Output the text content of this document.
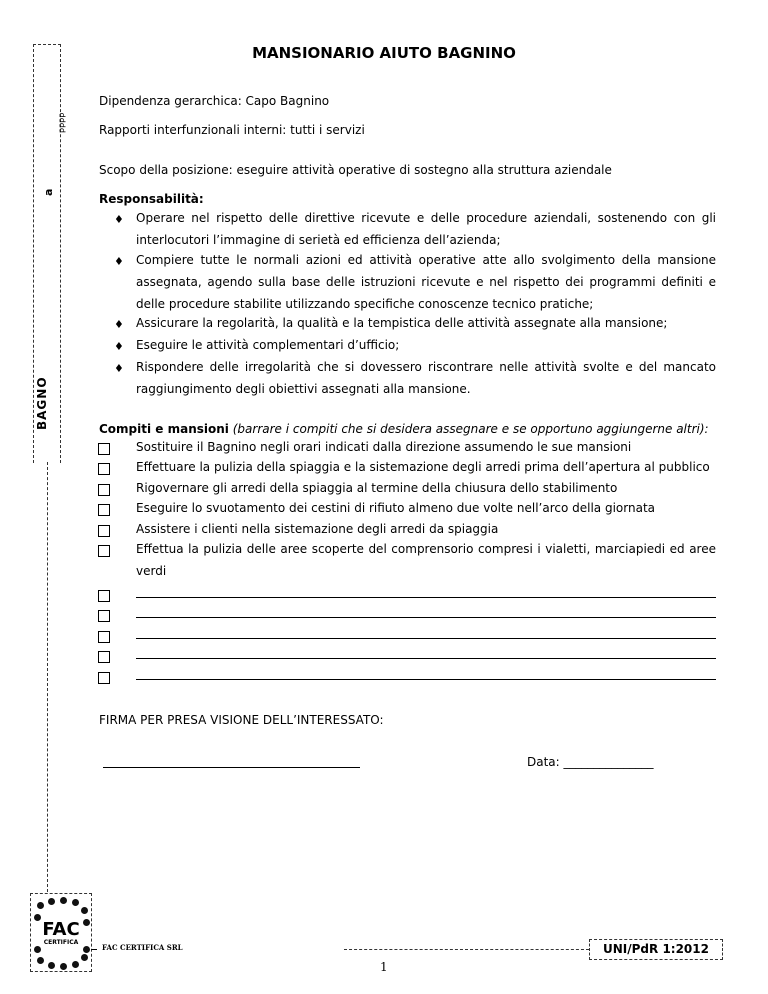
BAGNO
a
pppp
MANSIONARIO AIUTO BAGNINO
Dipendenza gerarchica: Capo Bagnino
Rapporti interfunzionali interni: tutti i servizi
Scopo della posizione: eseguire attività operative di sostegno alla struttura aziendale
Responsabilità:
♦ Operare nel rispetto delle direttive ricevute e delle procedure aziendali, sostenendo con gli interlocutori l’immagine di serietà ed efficienza dell’azienda;
♦ Compiere tutte le normali azioni ed attività operative atte allo svolgimento della mansione assegnata, agendo sulla base delle istruzioni ricevute e nel rispetto dei programmi definiti e delle procedure stabilite utilizzando specifiche conoscenze tecnico pratiche;
♦ Assicurare la regolarità, la qualità e la tempistica delle attività assegnate alla mansione;
♦ Eseguire le attività complementari d’ufficio;
♦ Rispondere delle irregolarità che si dovessero riscontrare nelle attività svolte e del mancato raggiungimento degli obiettivi assegnati alla mansione.
Compiti e mansioni (barrare i compiti che si desidera assegnare e se opportuno aggiungerne altri):
Sostituire il Bagnino negli orari indicati dalla direzione assumendo le sue mansioni
Effettuare la pulizia della spiaggia e la sistemazione degli arredi prima dell’apertura al pubblico
Rigovernare gli arredi della spiaggia al termine della chiusura dello stabilimento
Eseguire lo svuotamento dei cestini di rifiuto almeno due volte nell’arco della giornata
Assistere i clienti nella sistemazione degli arredi da spiaggia
Effettua la pulizia delle aree scoperte del comprensorio compresi i vialetti, marciapiedi ed aree verdi
FIRMA PER PRESA VISIONE DELL’INTERESSATO:
Data: _______________
FAC
CERTIFICA
FAC CERTIFICA SRL
1
UNI/PdR 1:2012
